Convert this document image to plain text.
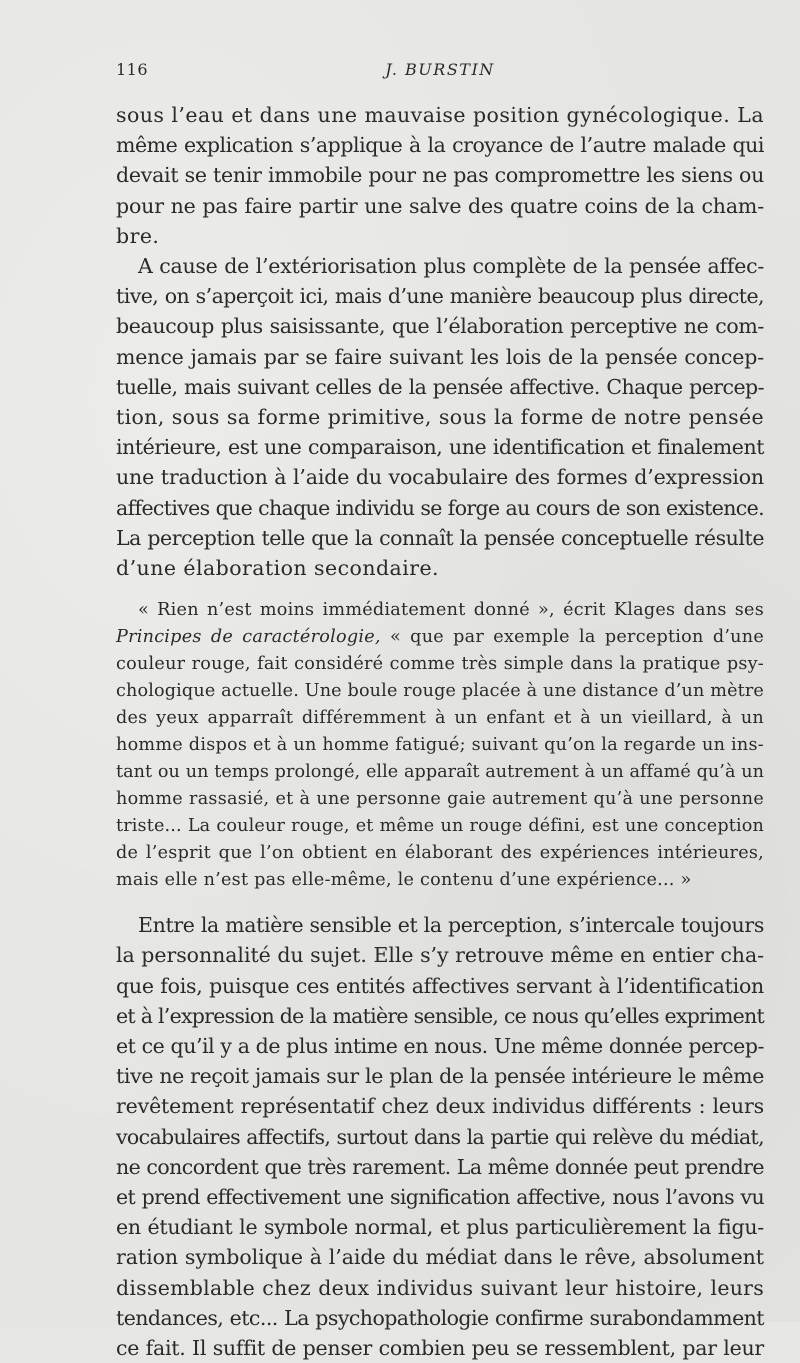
116	J. BURSTIN
sous l’eau et dans une mauvaise position gynécologique. La
même explication s’applique à la croyance de l’autre malade qui
devait se tenir immobile pour ne pas compromettre les siens ou
pour ne pas faire partir une salve des quatre coins de la cham-
bre.
A cause de l’extériorisation plus complète de la pensée affec-
tive, on s’aperçoit ici, mais d’une manière beaucoup plus directe,
beaucoup plus saisissante, que l’élaboration perceptive ne com-
mence jamais par se faire suivant les lois de la pensée concep-
tuelle, mais suivant celles de la pensée affective. Chaque percep-
tion, sous sa forme primitive, sous la forme de notre pensée
intérieure, est une comparaison, une identification et finalement
une traduction à l’aide du vocabulaire des formes d’expression
affectives que chaque individu se forge au cours de son existence.
La perception telle que la connaît la pensée conceptuelle résulte
d’une élaboration secondaire.
« Rien n’est moins immédiatement donné », écrit Klages dans ses
Principes de caractérologie, « que par exemple la perception d’une
couleur rouge, fait considéré comme très simple dans la pratique psy-
chologique actuelle. Une boule rouge placée à une distance d’un mètre
des yeux apparraît différemment à un enfant et à un vieillard, à un
homme dispos et à un homme fatigué; suivant qu’on la regarde un ins-
tant ou un temps prolongé, elle apparaît autrement à un affamé qu’à un
homme rassasié, et à une personne gaie autrement qu’à une personne
triste... La couleur rouge, et même un rouge défini, est une conception
de l’esprit que l’on obtient en élaborant des expériences intérieures,
mais elle n’est pas elle-même, le contenu d’une expérience... »
Entre la matière sensible et la perception, s’intercale toujours
la personnalité du sujet. Elle s’y retrouve même en entier cha-
que fois, puisque ces entités affectives servant à l’identification
et à l’expression de la matière sensible, ce nous qu’elles expriment
et ce qu’il y a de plus intime en nous. Une même donnée percep-
tive ne reçoit jamais sur le plan de la pensée intérieure le même
revêtement représentatif chez deux individus différents : leurs
vocabulaires affectifs, surtout dans la partie qui relève du médiat,
ne concordent que très rarement. La même donnée peut prendre
et prend effectivement une signification affective, nous l’avons vu
en étudiant le symbole normal, et plus particulièrement la figu-
ration symbolique à l’aide du médiat dans le rêve, absolument
dissemblable chez deux individus suivant leur histoire, leurs
tendances, etc... La psychopathologie confirme surabondamment
ce fait. Il suffit de penser combien peu se ressemblent, par leur
